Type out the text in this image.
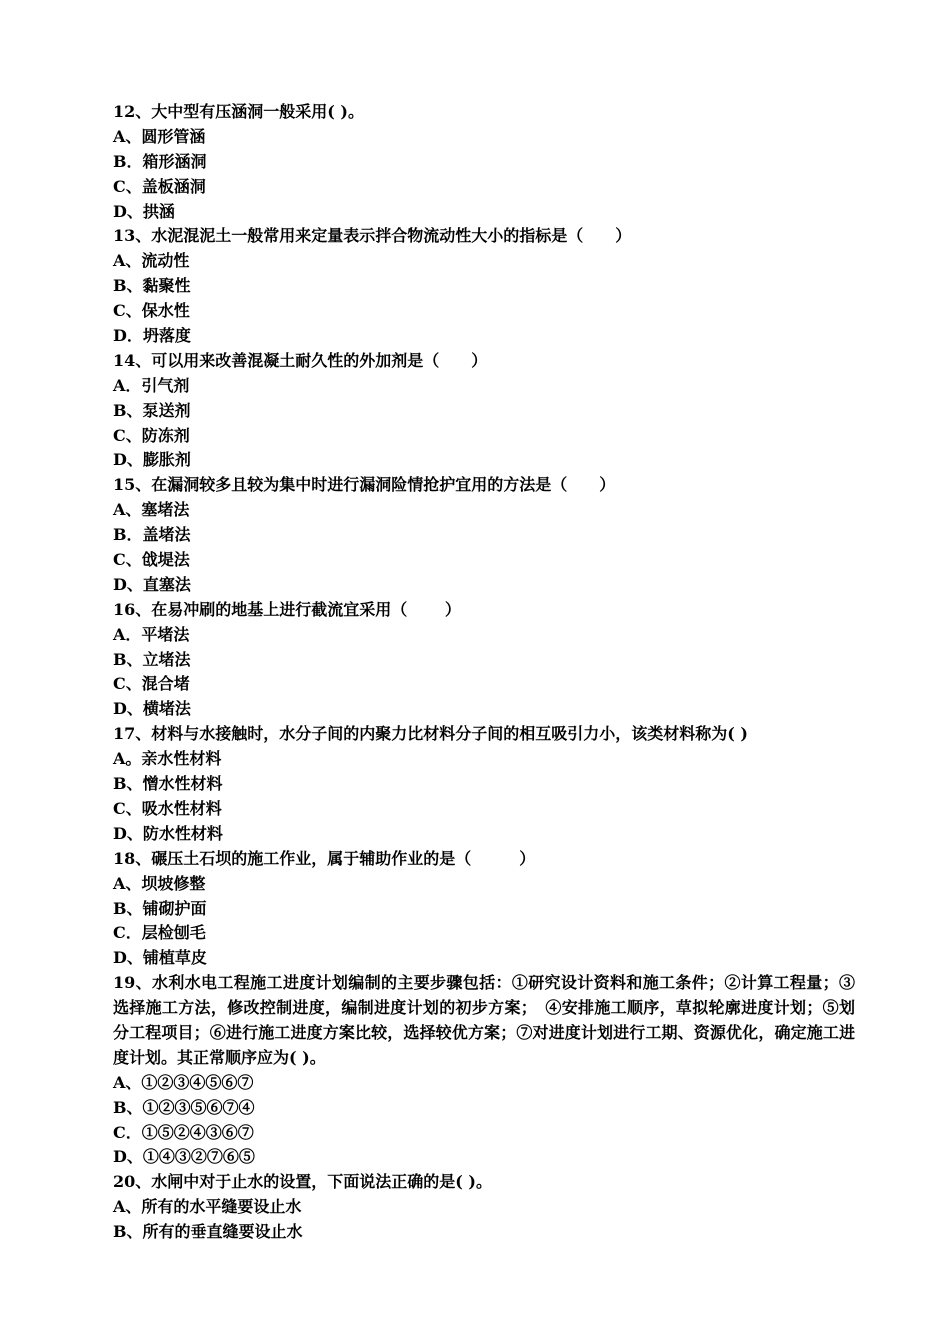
12、大中型有压涵洞一般采用( )。
A、圆形管涵
B．箱形涵洞
C、盖板涵洞
D、拱涵
13、水泥混泥土一般常用来定量表示拌合物流动性大小的指标是（　　）
A、流动性
B、黏聚性
C、保水性
D．坍落度
14、可以用来改善混凝土耐久性的外加剂是（　　）
A．引气剂
B、泵送剂
C、防冻剂
D、膨胀剂
15、在漏洞较多且较为集中时进行漏洞险情抢护宜用的方法是（　　）
A、塞堵法
B．盖堵法
C、戗堤法
D、直塞法
16、在易冲刷的地基上进行截流宜采用（　　 ）
A．平堵法
B、立堵法
C、混合堵
D、横堵法
17、材料与水接触时，水分子间的内聚力比材料分子间的相互吸引力小，该类材料称为( )
A。亲水性材料
B、憎水性材料
C、吸水性材料
D、防水性材料
18、碾压土石坝的施工作业，属于辅助作业的是（　　　）
A、坝坡修整
B、铺砌护面
C．层检刨毛
D、铺植草皮
19、水利水电工程施工进度计划编制的主要步骤包括：①研究设计资料和施工条件；②计算工程量；③选择施工方法，修改控制进度，编制进度计划的初步方案；　④安排施工顺序，草拟轮廓进度计划；⑤划分工程项目；⑥进行施工进度方案比较，选择较优方案；⑦对进度计划进行工期、资源优化，确定施工进度计划。其正常顺序应为( )。
A、①②③④⑤⑥⑦
B、①②③⑤⑥⑦④
C．①⑤②④③⑥⑦
D、①④③②⑦⑥⑤
20、水闸中对于止水的设置，下面说法正确的是( )。
A、所有的水平缝要设止水
B、所有的垂直缝要设止水
